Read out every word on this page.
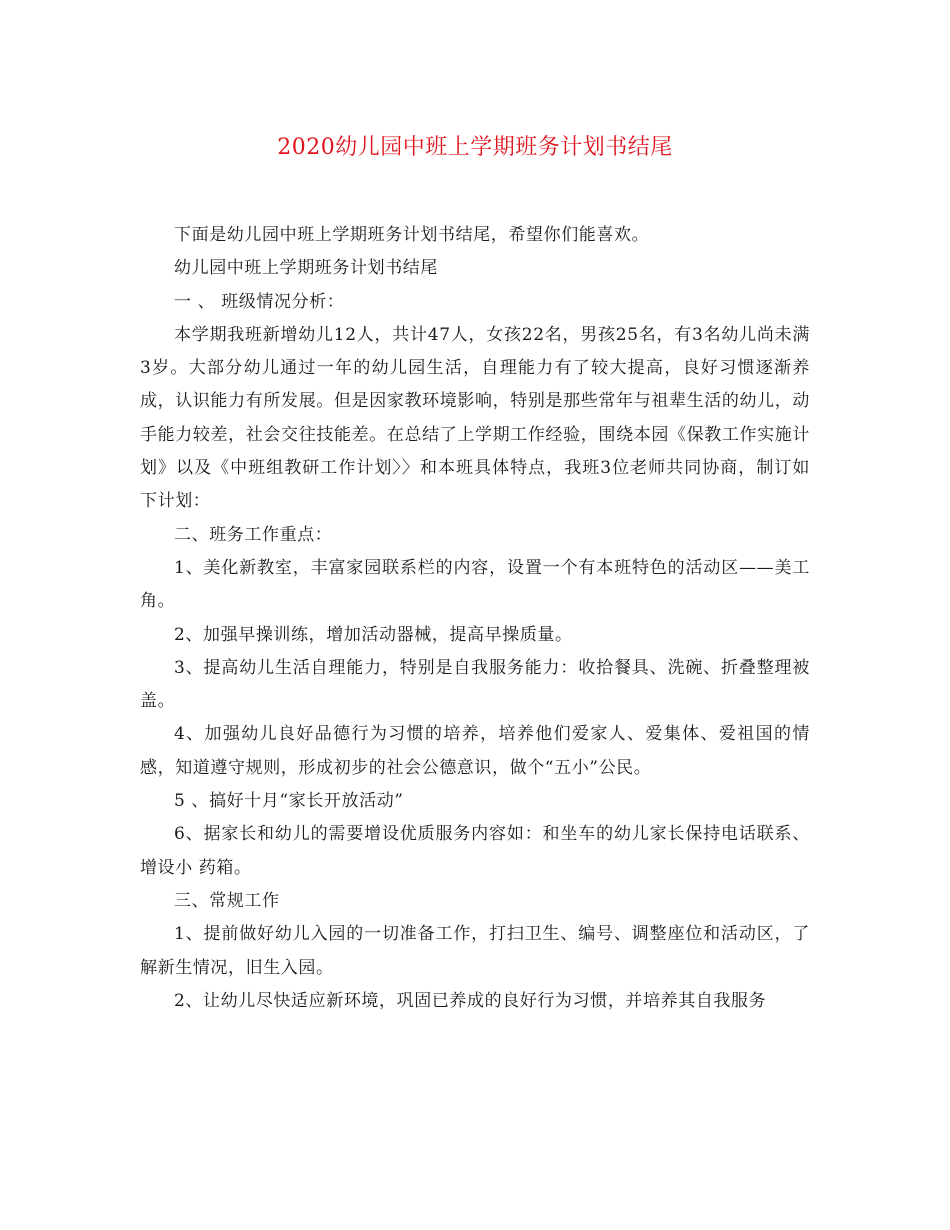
2020幼儿园中班上学期班务计划书结尾

下面是幼儿园中班上学期班务计划书结尾，希望你们能喜欢。

幼儿园中班上学期班务计划书结尾

一 、 班级情况分析：

本学期我班新增幼儿12人，共计47人，女孩22名，男孩25名，有3名幼儿尚未满3岁。大部分幼儿通过一年的幼儿园生活，自理能力有了较大提高，良好习惯逐渐养成，认识能力有所发展。但是因家教环境影响，特别是那些常年与祖辈生活的幼儿，动手能力较差，社会交往技能差。在总结了上学期工作经验，围绕本园《保教工作实施计划》以及《中班组教研工作计划〉〉和本班具体特点，我班3位老师共同协商，制订如下计划：

二、班务工作重点：

1、美化新教室，丰富家园联系栏的内容，设置一个有本班特色的活动区——美工角。

2、加强早操训练，增加活动器械，提高早操质量。

3、提高幼儿生活自理能力，特别是自我服务能力：收拾餐具、洗碗、折叠整理被盖。

4、加强幼儿良好品德行为习惯的培养，培养他们爱家人、爱集体、爱祖国的情感，知道遵守规则，形成初步的社会公德意识，做个“五小”公民。

5 、搞好十月“家长开放活动”

6、据家长和幼儿的需要增设优质服务内容如：和坐车的幼儿家长保持电话联系、增设小 药箱。

三、常规工作

1、提前做好幼儿入园的一切准备工作，打扫卫生、编号、调整座位和活动区，了解新生情况，旧生入园。

2、让幼儿尽快适应新环境，巩固已养成的良好行为习惯，并培养其自我服务
